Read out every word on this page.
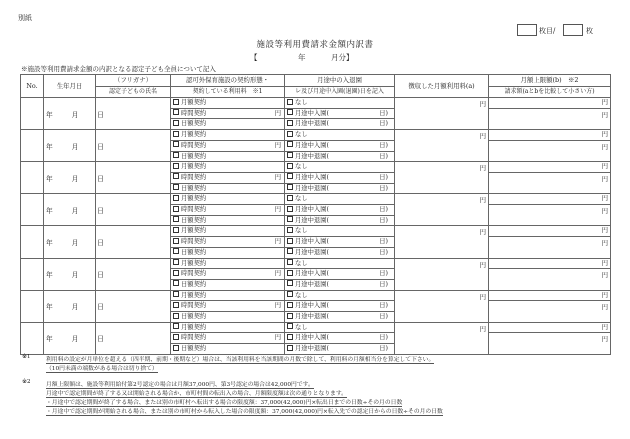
別紙
枚目/	枚
施設等利用費請求金額内訳書
【	年	月分】
※施設等利用費請求金額の内訳となる認定子ども全員について記入
No.	生年月日	（フリガナ）	認可外保育施設の契約形態・	月途中の入退園	徴収した月額利用料(a)	月額上限額(b)　※2
		認定子どもの氏名	契約している利用料　※1	レ及び月途中入園(退園)日を記入		請求額(aとbを比較して小さい方)
	年　月　日		月額契約	なし	円	円
			時間契約 円	月途中入園( 日)		円
			日額契約	月途中退園( 日)		

	年　月　日		月額契約	なし	円	円
			時間契約 円	月途中入園( 日)		円
			日額契約	月途中退園( 日)		

	年　月　日		月額契約	なし	円	円
			時間契約 円	月途中入園( 日)		円
			日額契約	月途中退園( 日)		

	年　月　日		月額契約	なし	円	円
			時間契約 円	月途中入園( 日)		円
			日額契約	月途中退園( 日)		

	年　月　日		月額契約	なし	円	円
			時間契約 円	月途中入園( 日)		円
			日額契約	月途中退園( 日)		

	年　月　日		月額契約	なし	円	円
			時間契約 円	月途中入園( 日)		円
			日額契約	月途中退園( 日)		

	年　月　日		月額契約	なし	円	円
			時間契約 円	月途中入園( 日)		円
			日額契約	月途中退園( 日)		

	年　月　日		月額契約	なし	円	円
			時間契約 円	月途中入園( 日)		円
			日額契約	月途中退園( 日)		
※1	利用料の設定が月単位を超える（四半期、前期・後期など）場合は、当該利用料を当該期間の月数で除して、利用料の月額相当分を算定して下さい。
（10円未満の端数がある場合は切り捨て）
※2	月額上限額は、施設等利用給付第2号認定の場合は月額37,000円、第3号認定の場合は42,000円です。
月途中で認定期間が終了する又は開始される場合か、市町村間の転出入の場合、月額限度額は次の通りとなります。
・月途中で認定期間が終了する場合、または別の市町村へ転出する場合の限度額：37,000(42,000)円×転出日までの日数÷その月の日数
・月途中で認定期間が開始される場合、または別の市町村から転入した場合の限度額：37,000(42,000)円×転入先での認定日からの日数÷その月の日数
